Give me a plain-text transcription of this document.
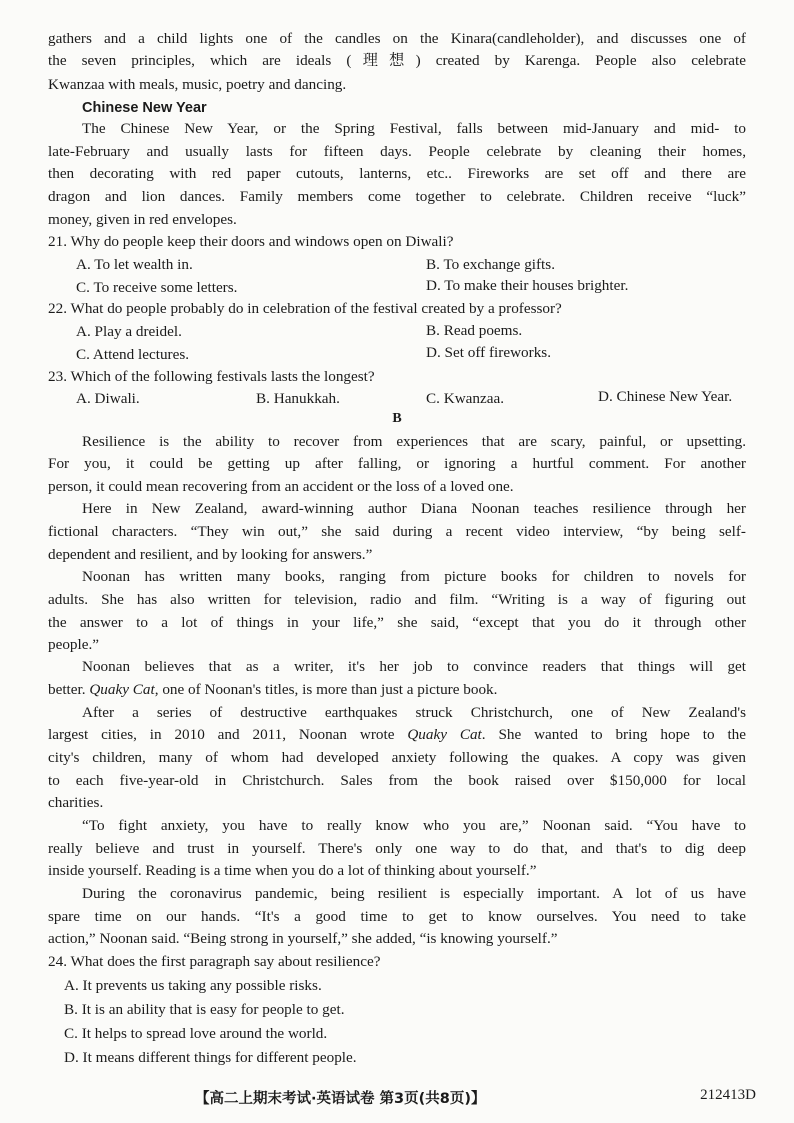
gathers and a child lights one of the candles on the Kinara(candleholder), and discusses one of
the seven principles, which are ideals (理想) created by Karenga. People also celebrate
Kwanzaa with meals, music, poetry and dancing.
Chinese New Year
The Chinese New Year, or the Spring Festival, falls between mid-January and mid- to
late-February and usually lasts for fifteen days. People celebrate by cleaning their homes,
then decorating with red paper cutouts, lanterns, etc.. Fireworks are set off and there are
dragon and lion dances. Family members come together to celebrate. Children receive “luck”
money, given in red envelopes.
21. Why do people keep their doors and windows open on Diwali?
A. To let wealth in.	B. To exchange gifts.
C. To receive some letters.	D. To make their houses brighter.
22. What do people probably do in celebration of the festival created by a professor?
A. Play a dreidel.	B. Read poems.
C. Attend lectures.	D. Set off fireworks.
23. Which of the following festivals lasts the longest?
A. Diwali.	B. Hanukkah.	C. Kwanzaa.	D. Chinese New Year.
B
Resilience is the ability to recover from experiences that are scary, painful, or upsetting.
For you, it could be getting up after falling, or ignoring a hurtful comment. For another
person, it could mean recovering from an accident or the loss of a loved one.
Here in New Zealand, award-winning author Diana Noonan teaches resilience through her
fictional characters. “They win out,” she said during a recent video interview, “by being self-
dependent and resilient, and by looking for answers.”
Noonan has written many books, ranging from picture books for children to novels for
adults. She has also written for television, radio and film. “Writing is a way of figuring out
the answer to a lot of things in your life,” she said, “except that you do it through other
people.”
Noonan believes that as a writer, it's her job to convince readers that things will get
better. Quaky Cat, one of Noonan's titles, is more than just a picture book.
After a series of destructive earthquakes struck Christchurch, one of New Zealand's
largest cities, in 2010 and 2011, Noonan wrote Quaky Cat. She wanted to bring hope to the
city's children, many of whom had developed anxiety following the quakes. A copy was given
to each five-year-old in Christchurch. Sales from the book raised over $150,000 for local
charities.
“To fight anxiety, you have to really know who you are,” Noonan said. “You have to
really believe and trust in yourself. There's only one way to do that, and that's to dig deep
inside yourself. Reading is a time when you do a lot of thinking about yourself.”
During the coronavirus pandemic, being resilient is especially important. A lot of us have
spare time on our hands. “It's a good time to get to know ourselves. You need to take
action,” Noonan said. “Being strong in yourself,” she added, “is knowing yourself.”
24. What does the first paragraph say about resilience?
A. It prevents us taking any possible risks.
B. It is an ability that is easy for people to get.
C. It helps to spread love around the world.
D. It means different things for different people.
【高二上期末考试·英语试卷 第3页(共8页)】	212413D
